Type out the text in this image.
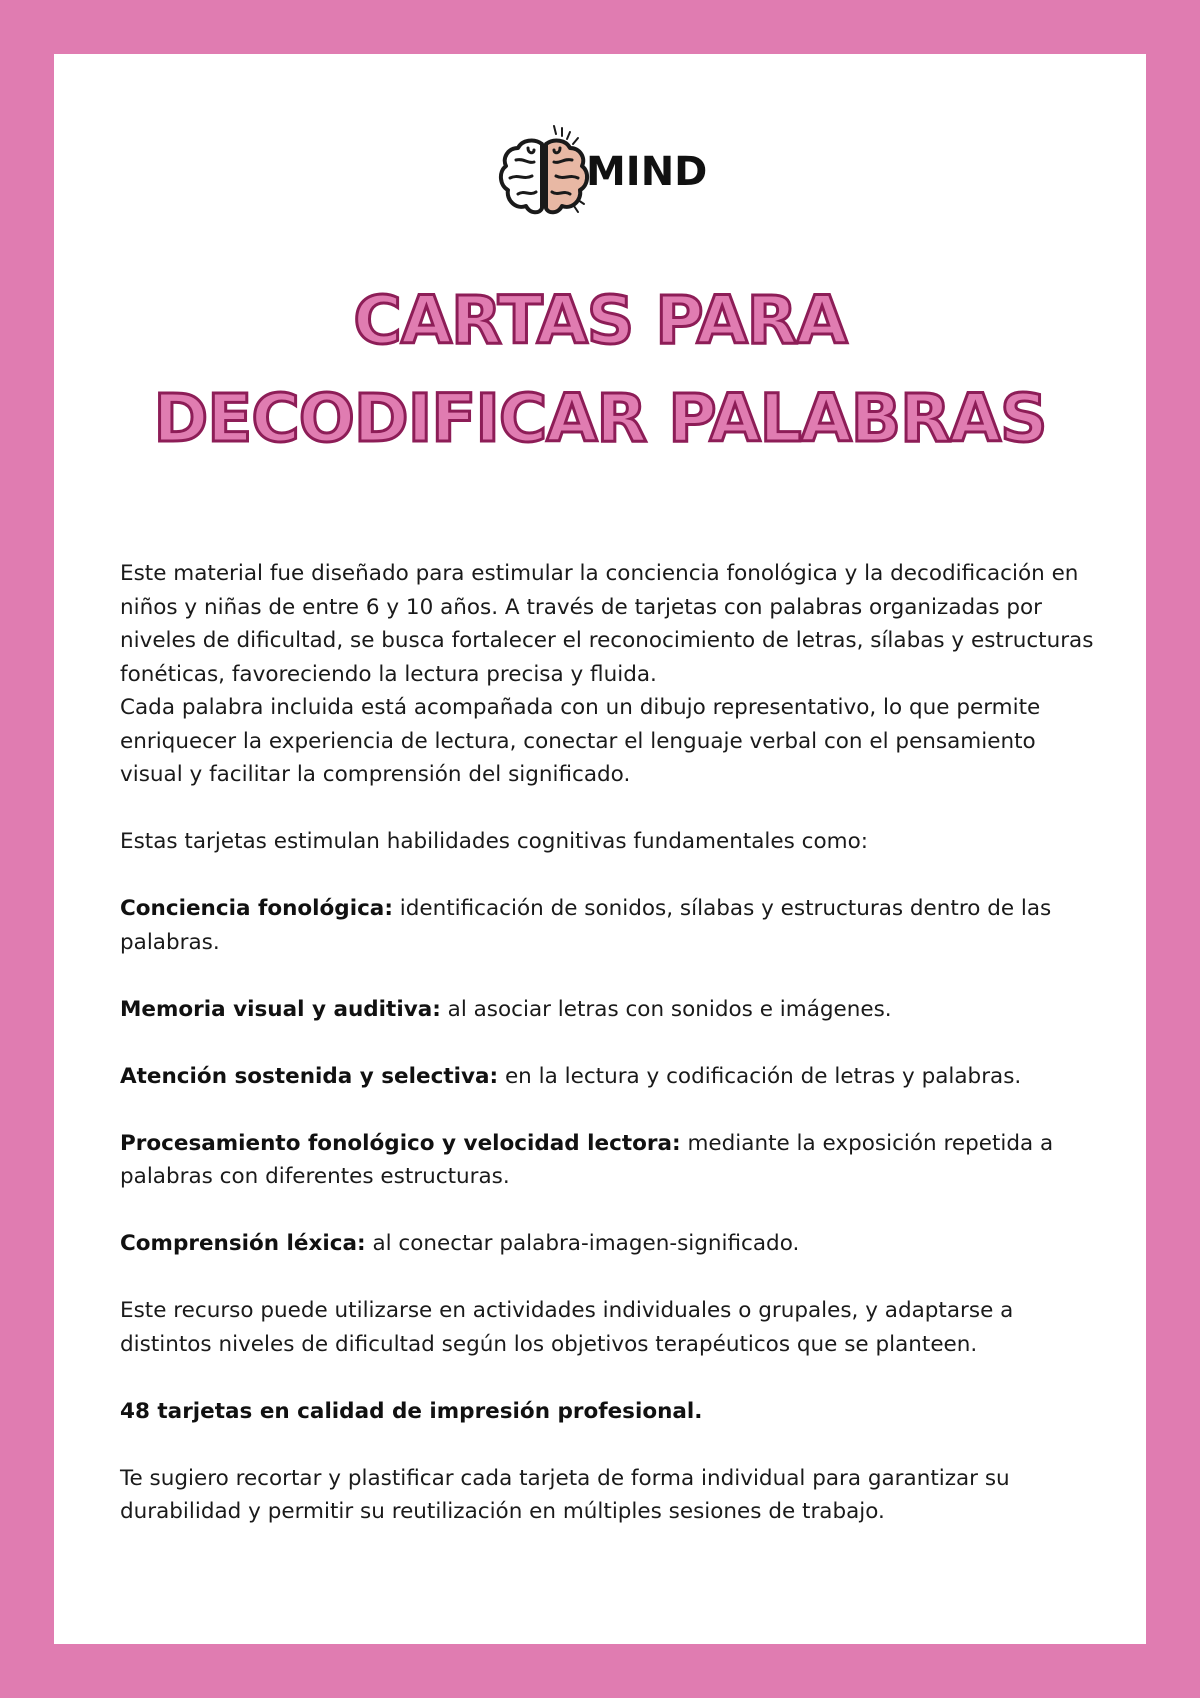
MIND
CARTAS PARA
DECODIFICAR PALABRAS

Este material fue diseñado para estimular la conciencia fonológica y la decodificación en niños y niñas de entre 6 y 10 años. A través de tarjetas con palabras organizadas por niveles de dificultad, se busca fortalecer el reconocimiento de letras, sílabas y estructuras fonéticas, favoreciendo la lectura precisa y fluida.

Cada palabra incluida está acompañada con un dibujo representativo, lo que permite enriquecer la experiencia de lectura, conectar el lenguaje verbal con el pensamiento visual y facilitar la comprensión del significado.

Estas tarjetas estimulan habilidades cognitivas fundamentales como:

Conciencia fonológica: identificación de sonidos, sílabas y estructuras dentro de las palabras.

Memoria visual y auditiva: al asociar letras con sonidos e imágenes.

Atención sostenida y selectiva: en la lectura y codificación de letras y palabras.

Procesamiento fonológico y velocidad lectora: mediante la exposición repetida a palabras con diferentes estructuras.

Comprensión léxica: al conectar palabra-imagen-significado.

Este recurso puede utilizarse en actividades individuales o grupales, y adaptarse a distintos niveles de dificultad según los objetivos terapéuticos que se planteen.

48 tarjetas en calidad de impresión profesional.

Te sugiero recortar y plastificar cada tarjeta de forma individual para garantizar su durabilidad y permitir su reutilización en múltiples sesiones de trabajo.
